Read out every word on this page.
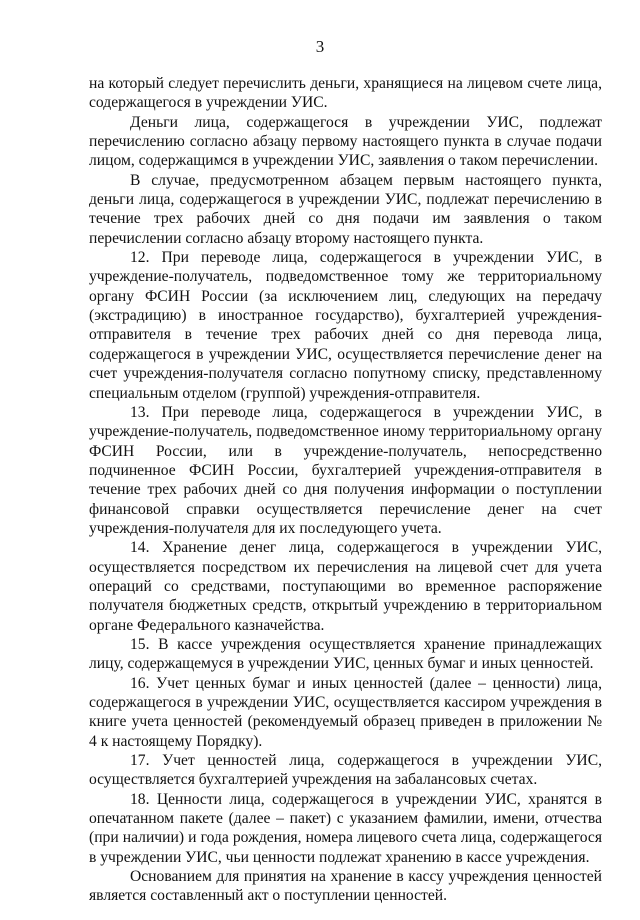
3

на который следует перечислить деньги, хранящиеся на лицевом счете лица, содержащегося в учреждении УИС.

Деньги лица, содержащегося в учреждении УИС, подлежат перечислению согласно абзацу первому настоящего пункта в случае подачи лицом, содержащимся в учреждении УИС, заявления о таком перечислении.

В случае, предусмотренном абзацем первым настоящего пункта, деньги лица, содержащегося в учреждении УИС, подлежат перечислению в течение трех рабочих дней со дня подачи им заявления о таком перечислении согласно абзацу второму настоящего пункта.

12. При переводе лица, содержащегося в учреждении УИС, в учреждение-получатель, подведомственное тому же территориальному органу ФСИН России (за исключением лиц, следующих на передачу (экстрадицию) в иностранное государство), бухгалтерией учреждения-отправителя в течение трех рабочих дней со дня перевода лица, содержащегося в учреждении УИС, осуществляется перечисление денег на счет учреждения-получателя согласно попутному списку, представленному специальным отделом (группой) учреждения-отправителя.

13. При переводе лица, содержащегося в учреждении УИС, в учреждение-получатель, подведомственное иному территориальному органу ФСИН России, или в учреждение-получатель, непосредственно подчиненное ФСИН России, бухгалтерией учреждения-отправителя в течение трех рабочих дней со дня получения информации о поступлении финансовой справки осуществляется перечисление денег на счет учреждения-получателя для их последующего учета.

14. Хранение денег лица, содержащегося в учреждении УИС, осуществляется посредством их перечисления на лицевой счет для учета операций со средствами, поступающими во временное распоряжение получателя бюджетных средств, открытый учреждению в территориальном органе Федерального казначейства.

15. В кассе учреждения осуществляется хранение принадлежащих лицу, содержащемуся в учреждении УИС, ценных бумаг и иных ценностей.

16. Учет ценных бумаг и иных ценностей (далее – ценности) лица, содержащегося в учреждении УИС, осуществляется кассиром учреждения в книге учета ценностей (рекомендуемый образец приведен в приложении № 4 к настоящему Порядку).

17. Учет ценностей лица, содержащегося в учреждении УИС, осуществляется бухгалтерией учреждения на забалансовых счетах.

18. Ценности лица, содержащегося в учреждении УИС, хранятся в опечатанном пакете (далее – пакет) с указанием фамилии, имени, отчества (при наличии) и года рождения, номера лицевого счета лица, содержащегося в учреждении УИС, чьи ценности подлежат хранению в кассе учреждения.

Основанием для принятия на хранение в кассу учреждения ценностей является составленный акт о поступлении ценностей.
